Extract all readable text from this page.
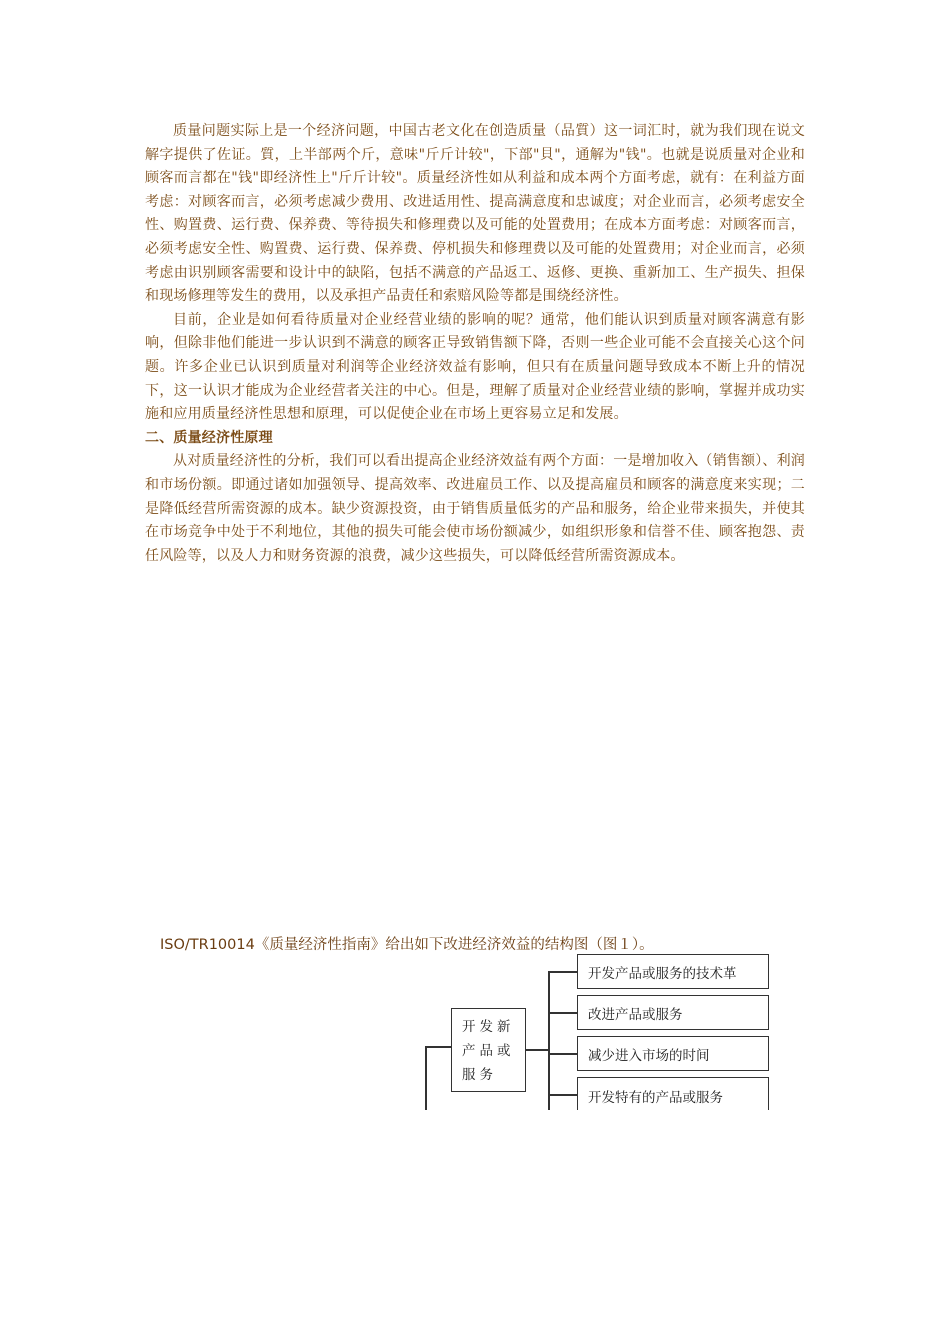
质量问题实际上是一个经济问题，中国古老文化在创造质量（品質）这一词汇时，就为我们现在说文解字提供了佐证。質，上半部两个斤，意味"斤斤计较"，下部"貝"，通解为"钱"。也就是说质量对企业和顾客而言都在"钱"即经济性上"斤斤计较"。质量经济性如从利益和成本两个方面考虑，就有：在利益方面考虑：对顾客而言，必须考虑减少费用、改进适用性、提高满意度和忠诚度；对企业而言，必须考虑安全性、购置费、运行费、保养费、等待损失和修理费以及可能的处置费用；在成本方面考虑：对顾客而言，必须考虑安全性、购置费、运行费、保养费、停机损失和修理费以及可能的处置费用；对企业而言，必须考虑由识别顾客需要和设计中的缺陷，包括不满意的产品返工、返修、更换、重新加工、生产损失、担保和现场修理等发生的费用，以及承担产品责任和索赔风险等都是围绕经济性。

目前，企业是如何看待质量对企业经营业绩的影响的呢？通常，他们能认识到质量对顾客满意有影响，但除非他们能进一步认识到不满意的顾客正导致销售额下降，否则一些企业可能不会直接关心这个问题。许多企业已认识到质量对利润等企业经济效益有影响，但只有在质量问题导致成本不断上升的情况下，这一认识才能成为企业经营者关注的中心。但是，理解了质量对企业经营业绩的影响，掌握并成功实施和应用质量经济性思想和原理，可以促使企业在市场上更容易立足和发展。

二、质量经济性原理

从对质量经济性的分析，我们可以看出提高企业经济效益有两个方面：一是增加收入（销售额）、利润和市场份额。即通过诸如加强领导、提高效率、改进雇员工作、以及提高雇员和顾客的满意度来实现；二是降低经营所需资源的成本。缺少资源投资，由于销售质量低劣的产品和服务，给企业带来损失，并使其在市场竞争中处于不利地位，其他的损失可能会使市场份额减少，如组织形象和信誉不佳、顾客抱怨、责任风险等，以及人力和财务资源的浪费，减少这些损失，可以降低经营所需资源成本。

ISO/TR10014《质量经济性指南》给出如下改进经济效益的结构图（图１）。
开发新产品或服务
开发产品或服务的技术革
改进产品或服务
减少进入市场的时间
开发特有的产品或服务
